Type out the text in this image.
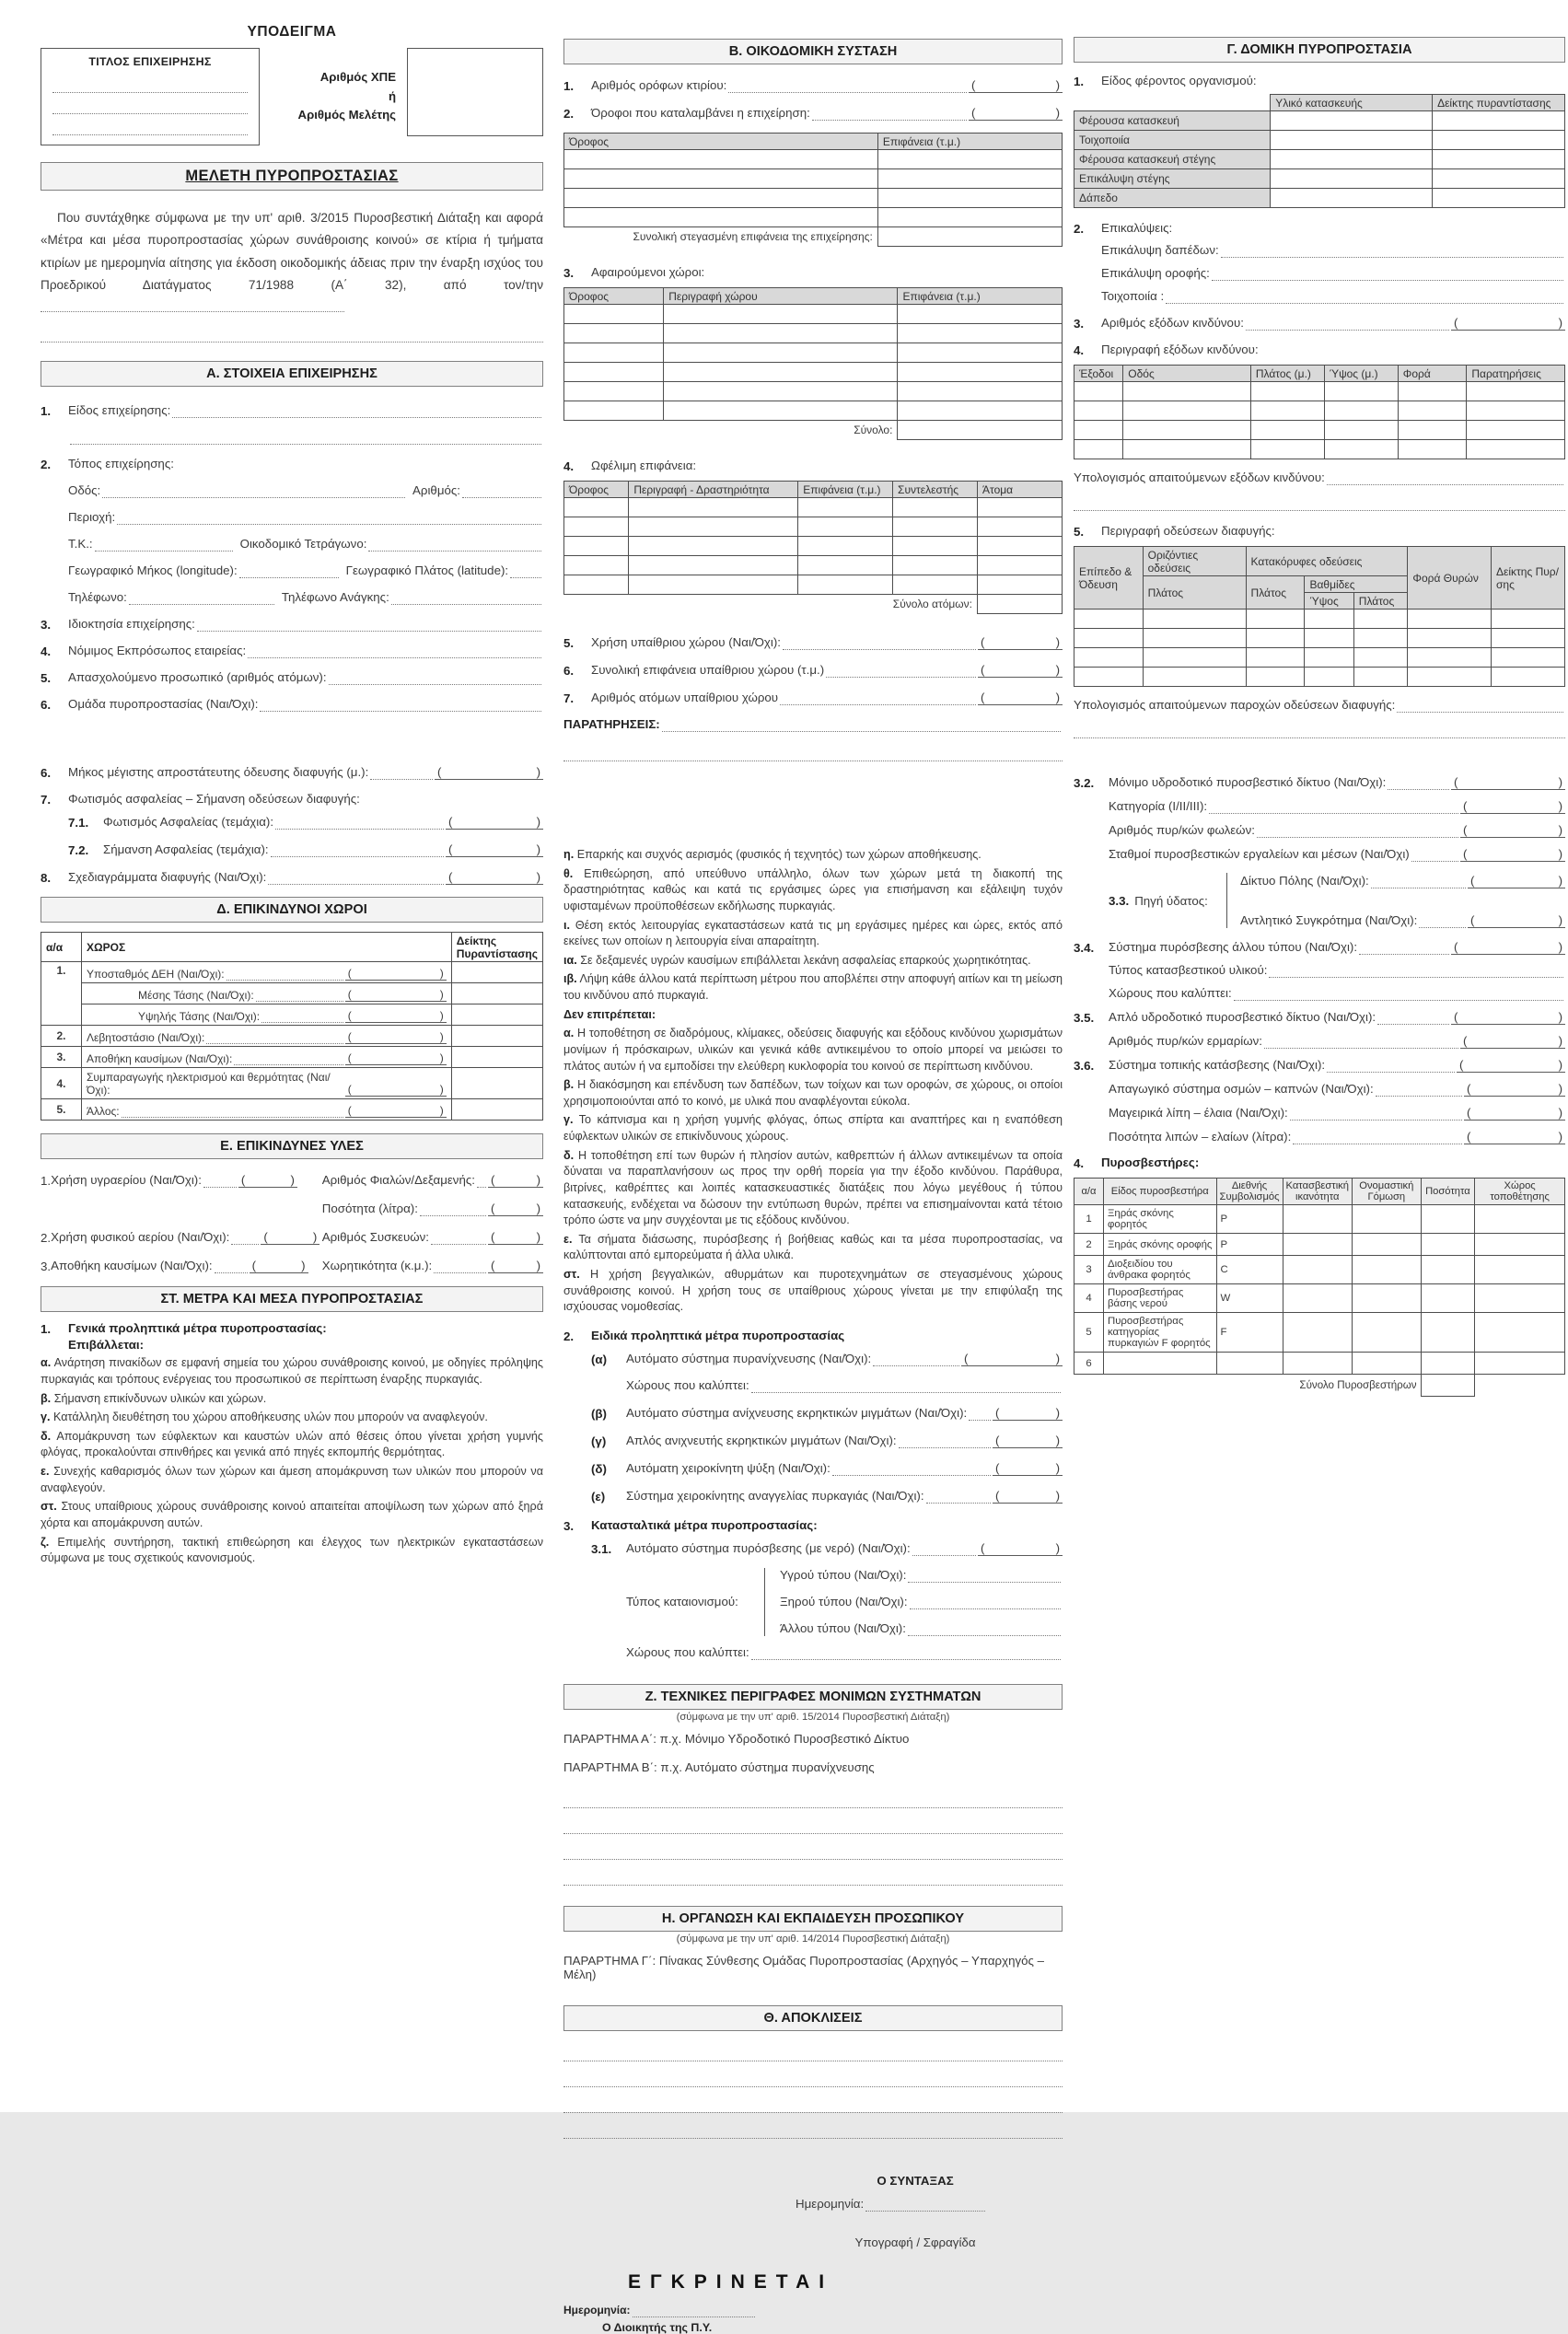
ΥΠΟΔΕΙΓΜΑ
ΤΙΤΛΟΣ ΕΠΙΧΕΙΡΗΣΗΣ
Αριθμός ΧΠΕ
ή
Αριθμός Μελέτης
ΜΕΛΕΤΗ ΠΥΡΟΠΡΟΣΤΑΣΙΑΣ

Που συντάχθηκε σύμφωνα με την υπ' αριθ. 3/2015 Πυροσβεστική Διάταξη και αφορά «Μέτρα και μέσα πυροπροστασίας χώρων συνάθροισης κοινού» σε κτίρια ή τμήματα κτιρίων με ημερομηνία αίτησης για έκδοση οικοδομικής άδειας πριν την έναρξη ισχύος του Προεδρικού Διατάγματος 71/1988 (Α΄ 32), από τον/την

Α. ΣΤΟΙΧΕΙΑ ΕΠΙΧΕΙΡΗΣΗΣ
1.	Είδος επιχείρησης:
2.	Τόπος επιχείρησης:
Οδός:	Αριθμός:
Περιοχή:
Τ.Κ.:	Οικοδομικό Τετράγωνο:
Γεωγραφικό Μήκος (longitude):	Γεωγραφικό Πλάτος (latitude):
Τηλέφωνο:	Τηλέφωνο Ανάγκης:
3.	Ιδιοκτησία επιχείρησης:
4.	Νόμιμος Εκπρόσωπος εταιρείας:
5.	Απασχολούμενο προσωπικό (αριθμός ατόμων):
6.	Ομάδα πυροπροστασίας (Ναι/Όχι):
6.	Μήκος μέγιστης απροστάτευτης όδευσης διαφυγής (μ.):	(	)
7.	Φωτισμός ασφαλείας – Σήμανση οδεύσεων διαφυγής:
7.1.	Φωτισμός Ασφαλείας (τεμάχια):	(	)
7.2.	Σήμανση Ασφαλείας (τεμάχια):	(	)
8.	Σχεδιαγράμματα διαφυγής (Ναι/Όχι):	(	)
Δ. ΕΠΙΚΙΝΔΥΝΟΙ ΧΩΡΟΙ
α/α	ΧΩΡΟΣ	Δείκτης Πυραντίστασης
1.	Υποσταθμός ΔΕΗ (Ναι/Όχι): ( )	

	Μέσης Τάσης (Ναι/Όχι): ( )	

	Υψηλής Τάσης (Ναι/Όχι): ( )	

2.	Λεβητοστάσιο (Ναι/Όχι): ( )	

3.	Αποθήκη καυσίμων (Ναι/Όχι): ( )	

4.	Συμπαραγωγής ηλεκτρισμού και θερμότητας (Ναι/Όχι): ( )	

5.	Άλλος: ( )	

Ε. ΕΠΙΚΙΝΔΥΝΕΣ ΥΛΕΣ
1. Χρήση υγραερίου (Ναι/Όχι):	(	) Αριθμός Φιαλών/Δεξαμενής: (	)
Ποσότητα (λίτρα):	(	)
2. Χρήση φυσικού αερίου (Ναι/Όχι):	(	) Αριθμός Συσκευών:	(	)
3. Αποθήκη καυσίμων (Ναι/Όχι):	(	) Χωρητικότητα (κ.μ.):	(	)
ΣΤ. ΜΕΤΡΑ ΚΑΙ ΜΕΣΑ ΠΥΡΟΠΡΟΣΤΑΣΙΑΣ
1.	Γενικά προληπτικά μέτρα πυροπροστασίας:
Επιβάλλεται:

α. Ανάρτηση πινακίδων σε εμφανή σημεία του χώρου συνάθροισης κοινού, με οδηγίες πρόληψης πυρκαγιάς και τρόπους ενέργειας του προσωπικού σε περίπτωση έναρξης πυρκαγιάς.

β. Σήμανση επικίνδυνων υλικών και χώρων.

γ. Κατάλληλη διευθέτηση του χώρου αποθήκευσης υλών που μπορούν να αναφλεγούν.

δ. Απομάκρυνση των εύφλεκτων και καυστών υλών από θέσεις όπου γίνεται χρήση γυμνής φλόγας, προκαλούνται σπινθήρες και γενικά από πηγές εκπομπής θερμότητας.

ε. Συνεχής καθαρισμός όλων των χώρων και άμεση απομάκρυνση των υλικών που μπορούν να αναφλεγούν.

στ. Στους υπαίθριους χώρους συνάθροισης κοινού απαιτείται αποψίλωση των χώρων από ξηρά χόρτα και απομάκρυνση αυτών.

ζ. Επιμελής συντήρηση, τακτική επιθεώρηση και έλεγχος των ηλεκτρικών εγκαταστάσεων σύμφωνα με τους σχετικούς κανονισμούς.

Β. ΟΙΚΟΔΟΜΙΚΗ ΣΥΣΤΑΣΗ
1.	Αριθμός ορόφων κτιρίου:	(	)
2.	Όροφοι που καταλαμβάνει η επιχείρηση:	(	)
Όροφος	Επιφάνεια (τ.μ.)

Συνολική στεγασμένη επιφάνεια της επιχείρησης:	
3.	Αφαιρούμενοι χώροι:
Όροφος	Περιγραφή χώρου	Επιφάνεια (τ.μ.)

Σύνολο:		
4.	Ωφέλιμη επιφάνεια:
Όροφος	Περιγραφή - Δραστηριότητα	Επιφάνεια (τ.μ.)	Συντελεστής	Άτομα

Σύνολο ατόμων:				
5.	Χρήση υπαίθριου χώρου (Ναι/Όχι):	(	)
6.	Συνολική επιφάνεια υπαίθριου χώρου (τ.μ.)	(	)
7.	Αριθμός ατόμων υπαίθριου χώρου	(	)
ΠΑΡΑΤΗΡΗΣΕΙΣ:

η. Επαρκής και συχνός αερισμός (φυσικός ή τεχνητός) των χώρων αποθήκευσης.

θ. Επιθεώρηση, από υπεύθυνο υπάλληλο, όλων των χώρων μετά τη διακοπή της δραστηριότητας καθώς και κατά τις εργάσιμες ώρες για επισήμανση και εξάλειψη τυχόν υφισταμένων προϋποθέσεων εκδήλωσης πυρκαγιάς.

ι. Θέση εκτός λειτουργίας εγκαταστάσεων κατά τις μη εργάσιμες ημέρες και ώρες, εκτός από εκείνες των οποίων η λειτουργία είναι απαραίτητη.

ια. Σε δεξαμενές υγρών καυσίμων επιβάλλεται λεκάνη ασφαλείας επαρκούς χωρητικότητας.

ιβ. Λήψη κάθε άλλου κατά περίπτωση μέτρου που αποβλέπει στην αποφυγή αιτίων και τη μείωση του κινδύνου από πυρκαγιά.

Δεν επιτρέπεται:

α. Η τοποθέτηση σε διαδρόμους, κλίμακες, οδεύσεις διαφυγής και εξόδους κινδύνου χωρισμάτων μονίμων ή πρόσκαιρων, υλικών και γενικά κάθε αντικειμένου το οποίο μπορεί να μειώσει το πλάτος αυτών ή να εμποδίσει την ελεύθερη κυκλοφορία του κοινού σε περίπτωση κινδύνου.

β. Η διακόσμηση και επένδυση των δαπέδων, των τοίχων και των οροφών, σε χώρους, οι οποίοι χρησιμοποιούνται από το κοινό, με υλικά που αναφλέγονται εύκολα.

γ. Το κάπνισμα και η χρήση γυμνής φλόγας, όπως σπίρτα και αναπτήρες και η εναπόθεση εύφλεκτων υλικών σε επικίνδυνους χώρους.

δ. Η τοποθέτηση επί των θυρών ή πλησίον αυτών, καθρεπτών ή άλλων αντικειμένων τα οποία δύναται να παραπλανήσουν ως προς την ορθή πορεία για την έξοδο κινδύνου. Παράθυρα, βιτρίνες, καθρέπτες και λοιπές κατασκευαστικές διατάξεις που λόγω μεγέθους ή τύπου κατασκευής, ενδέχεται να δώσουν την εντύπωση θυρών, πρέπει να επισημαίνονται κατά τέτοιο τρόπο ώστε να μην συγχέονται με τις εξόδους κινδύνου.

ε. Τα σήματα διάσωσης, πυρόσβεσης ή βοήθειας καθώς και τα μέσα πυροπροστασίας, να καλύπτονται από εμπορεύματα ή άλλα υλικά.

στ. Η χρήση βεγγαλικών, αθυρμάτων και πυροτεχνημάτων σε στεγασμένους χώρους συνάθροισης κοινού. Η χρήση τους σε υπαίθριους χώρους γίνεται με την επιφύλαξη της ισχύουσας νομοθεσίας.

2.	Ειδικά προληπτικά μέτρα πυροπροστασίας
(α)	Αυτόματο σύστημα πυρανίχνευσης (Ναι/Όχι):	(	)
Χώρους που καλύπτει:
(β)	Αυτόματο σύστημα ανίχνευσης εκρηκτικών μιγμάτων (Ναι/Όχι): (	)
(γ)	Απλός ανιχνευτής εκρηκτικών μιγμάτων (Ναι/Όχι):	(	)
(δ)	Αυτόματη χειροκίνητη ψύξη (Ναι/Όχι):	(	)
(ε)	Σύστημα χειροκίνητης αναγγελίας πυρκαγιάς (Ναι/Όχι):	(	)
3.	Κατασταλτικά μέτρα πυροπροστασίας:
3.1.	Αυτόματο σύστημα πυρόσβεσης (με νερό) (Ναι/Όχι):	(	)
Τύπος καταιονισμού:
Υγρού τύπου (Ναι/Όχι):
Ξηρού τύπου (Ναι/Όχι):
Άλλου τύπου (Ναι/Όχι):
Χώρους που καλύπτει:
Ζ. ΤΕΧΝΙΚΕΣ ΠΕΡΙΓΡΑΦΕΣ ΜΟΝΙΜΩΝ ΣΥΣΤΗΜΑΤΩΝ
(σύμφωνα με την υπ' αριθ. 15/2014 Πυροσβεστική Διάταξη)
ΠΑΡΑΡΤΗΜΑ Α΄: π.χ. Μόνιμο Υδροδοτικό Πυροσβεστικό Δίκτυο
ΠΑΡΑΡΤΗΜΑ Β΄: π.χ. Αυτόματο σύστημα πυρανίχνευσης
Η. ΟΡΓΑΝΩΣΗ ΚΑΙ ΕΚΠΑΙΔΕΥΣΗ ΠΡΟΣΩΠΙΚΟΥ
(σύμφωνα με την υπ' αριθ. 14/2014 Πυροσβεστική Διάταξη)
ΠΑΡΑΡΤΗΜΑ Γ΄: Πίνακας Σύνθεσης Ομάδας Πυροπροστασίας (Αρχηγός – Υπαρχηγός – Μέλη)
Θ. ΑΠΟΚΛΙΣΕΙΣ
Ο ΣΥΝΤΑΞΑΣ
Ημερομηνία:
Υπογραφή / Σφραγίδα
ΕΓΚΡΙΝΕΤΑΙ
Ημερομηνία:
Ο Διοικητής της Π.Υ.
Γ. ΔΟΜΙΚΗ ΠΥΡΟΠΡΟΣΤΑΣΙΑ
1.	Είδος φέροντος οργανισμού:
	Υλικό κατασκευής	Δείκτης πυραντίστασης
Φέρουσα κατασκευή		
Τοιχοποιία		
Φέρουσα κατασκευή στέγης		
Επικάλυψη στέγης		
Δάπεδο		
2.	Επικαλύψεις:
Επικάλυψη δαπέδων:
Επικάλυψη οροφής:
Τοιχοποιία :
3.	Αριθμός εξόδων κινδύνου:	(	)
4.	Περιγραφή εξόδων κινδύνου:
Έξοδοι	Οδός	Πλάτος (μ.)	Ύψος (μ.)	Φορά	Παρατηρήσεις

Υπολογισμός απαιτούμενων εξόδων κινδύνου:
5.	Περιγραφή οδεύσεων διαφυγής:
Επίπεδο & Όδευση	Οριζόντιες οδεύσεις	Κατακόρυφες οδεύσεις			Φορά Θυρών	Δείκτης Πυρ/σης
	Πλάτος	Πλάτος	Βαθμίδες			
			Ύψος	Πλάτος		

Υπολογισμός απαιτούμενων παροχών οδεύσεων διαφυγής:
3.2.	Μόνιμο υδροδοτικό πυροσβεστικό δίκτυο (Ναι/Όχι):	(	)
Κατηγορία (Ι/ΙΙ/ΙΙΙ):	(	)
Αριθμός πυρ/κών φωλεών:	(	)
Σταθμοί πυροσβεστικών εργαλείων και μέσων (Ναι/Όχι)	(	)
3.3. Πηγή ύδατος:
Δίκτυο Πόλης (Ναι/Όχι):	(	)
Αντλητικό Συγκρότημα (Ναι/Όχι):	(	)
3.4.	Σύστημα πυρόσβεσης άλλου τύπου (Ναι/Όχι):	(	)
Τύπος κατασβεστικού υλικού:
Χώρους που καλύπτει:
3.5.	Απλό υδροδοτικό πυροσβεστικό δίκτυο (Ναι/Όχι):	(	)
Αριθμός πυρ/κών ερμαρίων:	(	)
3.6.	Σύστημα τοπικής κατάσβεσης (Ναι/Όχι):	(	)
Απαγωγικό σύστημα οσμών – καπνών (Ναι/Όχι):	(	)
Μαγειρικά λίπη – έλαια (Ναι/Όχι):	(	)
Ποσότητα λιπών – ελαίων (λίτρα):	(	)
4.	Πυροσβεστήρες:
α/α	Είδος πυροσβεστήρα	Διεθνής Συμβολισμός	Κατασβεστική ικανότητα	Ονομαστική Γόμωση	Ποσότητα	Χώρος τοποθέτησης
1	Ξηράς σκόνης φορητός	P				
2	Ξηράς σκόνης οροφής	P				
3	Διοξειδίου του άνθρακα φορητός	C				
4	Πυροσβεστήρας βάσης νερού	W				
5	Πυροσβεστήρας κατηγορίας πυρκαγιών F φορητός	F				
6						
Σύνολο Πυροσβεστήρων						
